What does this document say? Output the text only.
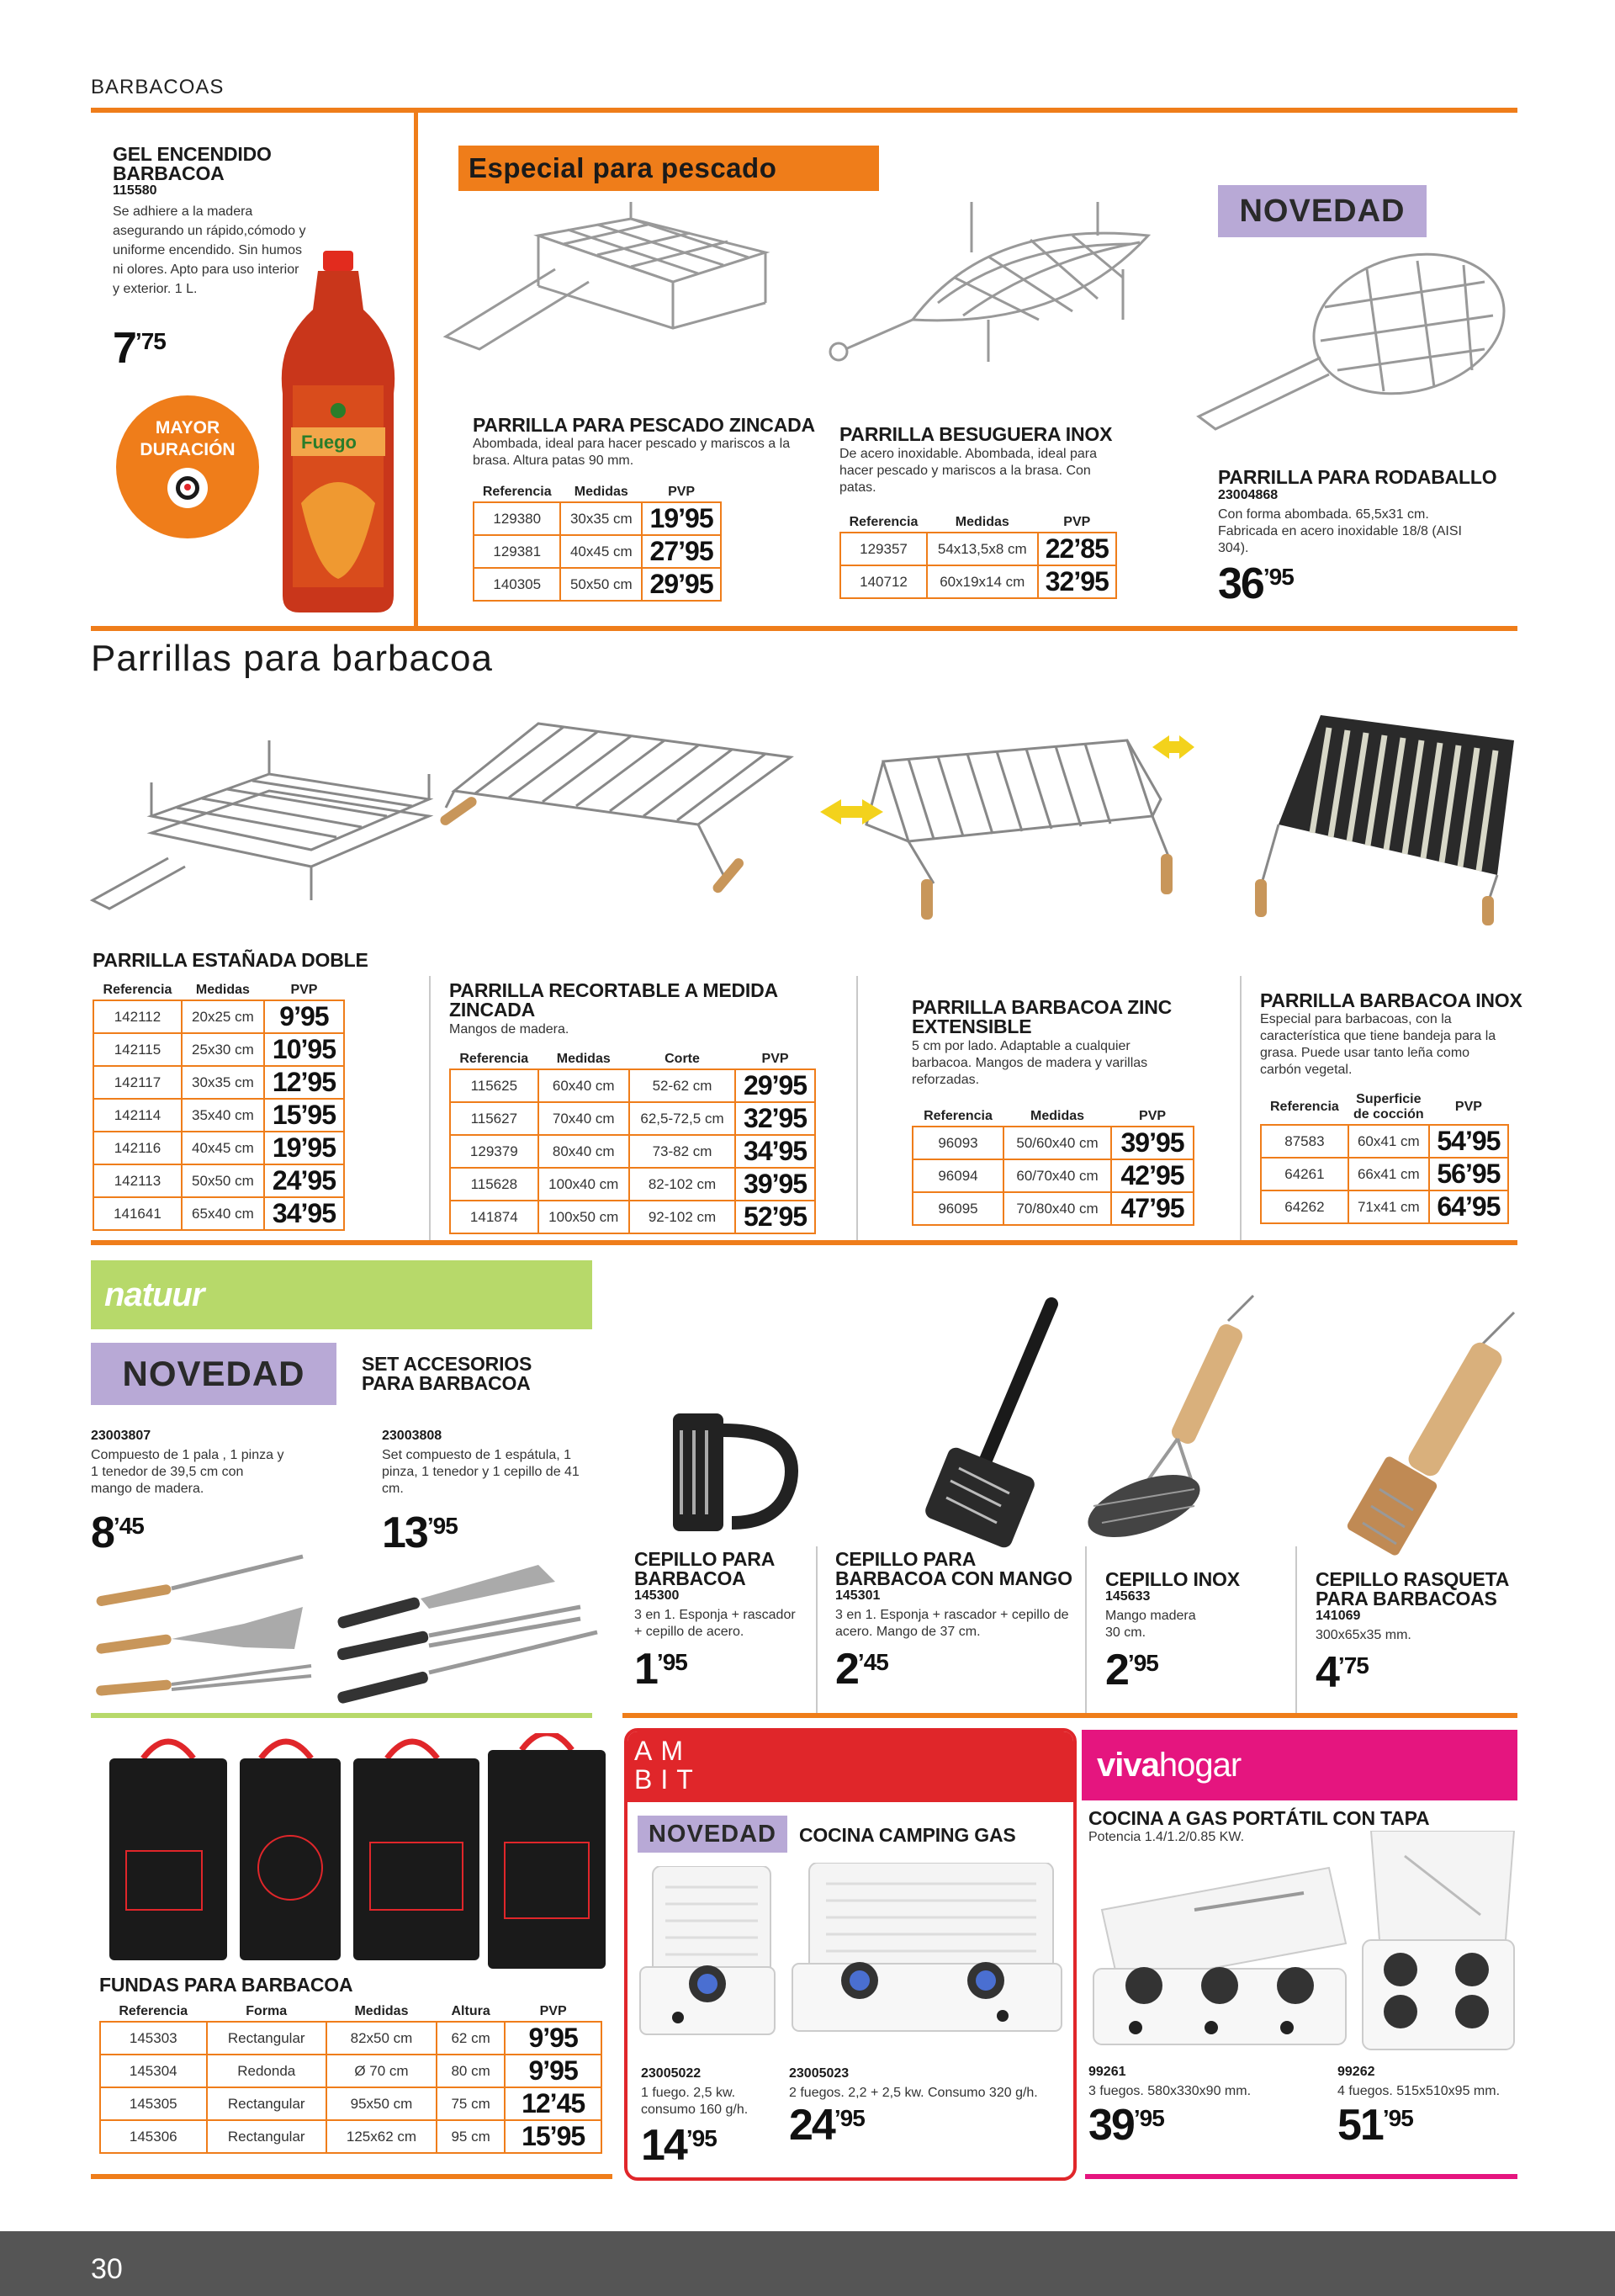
BARBACOAS
GEL ENCENDIDO BARBACOA
115580
Se adhiere a la madera asegurando un rápido,cómodo y uniforme encendido. Sin humos ni olores. Apto para uso interior y exterior. 1 L.
7’75
MAYOR DURACIÓN	Fuego
Especial para pescado
PARRILLA PARA PESCADO ZINCADA
Abombada, ideal para hacer pescado y mariscos a la brasa. Altura patas 90 mm.
Referencia	Medidas	PVP
129380	30x35 cm	19’95
129381	40x45 cm	27’95
140305	50x50 cm	29’95
PARRILLA BESUGUERA INOX
De acero inoxidable. Abombada, ideal para hacer pescado y mariscos a la brasa. Con patas.
Referencia	Medidas	PVP
129357	54x13,5x8 cm	22’85
140712	60x19x14 cm	32’95
NOVEDAD
PARRILLA PARA RODABALLO
23004868
Con forma abombada. 65,5x31 cm. Fabricada en acero inoxidable 18/8 (AISI 304).
36’95
Parrillas para barbacoa
PARRILLA ESTAÑADA DOBLE
Referencia	Medidas	PVP
142112	20x25 cm	9’95
142115	25x30 cm	10’95
142117	30x35 cm	12’95
142114	35x40 cm	15’95
142116	40x45 cm	19’95
142113	50x50 cm	24’95
141641	65x40 cm	34’95
PARRILLA RECORTABLE A MEDIDA ZINCADA
Mangos de madera.
Referencia	Medidas	Corte	PVP
115625	60x40 cm	52-62 cm	29’95
115627	70x40 cm	62,5-72,5 cm	32’95
129379	80x40 cm	73-82 cm	34’95
115628	100x40 cm	82-102 cm	39’95
141874	100x50 cm	92-102 cm	52’95
PARRILLA BARBACOA ZINC EXTENSIBLE
5 cm por lado. Adaptable a cualquier barbacoa. Mangos de madera y varillas reforzadas.
Referencia	Medidas	PVP
96093	50/60x40 cm	39’95
96094	60/70x40 cm	42’95
96095	70/80x40 cm	47’95
PARRILLA BARBACOA INOX
Especial para barbacoas, con la característica que tiene bandeja para la grasa. Puede usar tanto leña como carbón vegetal.
Referencia	Superficie de cocción	PVP
87583	60x41 cm	54’95
64261	66x41 cm	56’95
64262	71x41 cm	64’95
natuur
NOVEDAD	SET ACCESORIOS PARA BARBACOA
23003807
Compuesto de 1 pala , 1 pinza y 1 tenedor de 39,5 cm con mango de madera.
8’45
23003808
Set compuesto de 1 espátula, 1 pinza, 1 tenedor y 1 cepillo de 41 cm.
13’95
CEPILLO PARA BARBACOA
145300
3 en 1. Esponja + rascador + cepillo de acero.
1’95
CEPILLO PARA BARBACOA CON MANGO
145301
3 en 1. Esponja + rascador + cepillo de acero. Mango de 37 cm.
2’45
CEPILLO INOX
145633
Mango madera 30 cm.
2’95
CEPILLO RASQUETA PARA BARBACOAS
141069
300x65x35 mm.
4’75
FUNDAS PARA BARBACOA
Referencia	Forma	Medidas	Altura	PVP
145303	Rectangular	82x50 cm	62 cm	9’95
145304	Redonda	Ø 70 cm	80 cm	9’95
145305	Rectangular	95x50 cm	75 cm	12’45
145306	Rectangular	125x62 cm	95 cm	15’95
AM
BIT
NOVEDAD	COCINA CAMPING GAS
23005022
1 fuego. 2,5 kw. consumo 160 g/h.
14’95
23005023
2 fuegos. 2,2 + 2,5 kw. Consumo 320 g/h.
24’95
vivahogar
COCINA A GAS PORTÁTIL CON TAPA
Potencia 1.4/1.2/0.85 KW.
99261
3 fuegos. 580x330x90 mm.
39’95
99262
4 fuegos. 515x510x95 mm.
51’95
30
